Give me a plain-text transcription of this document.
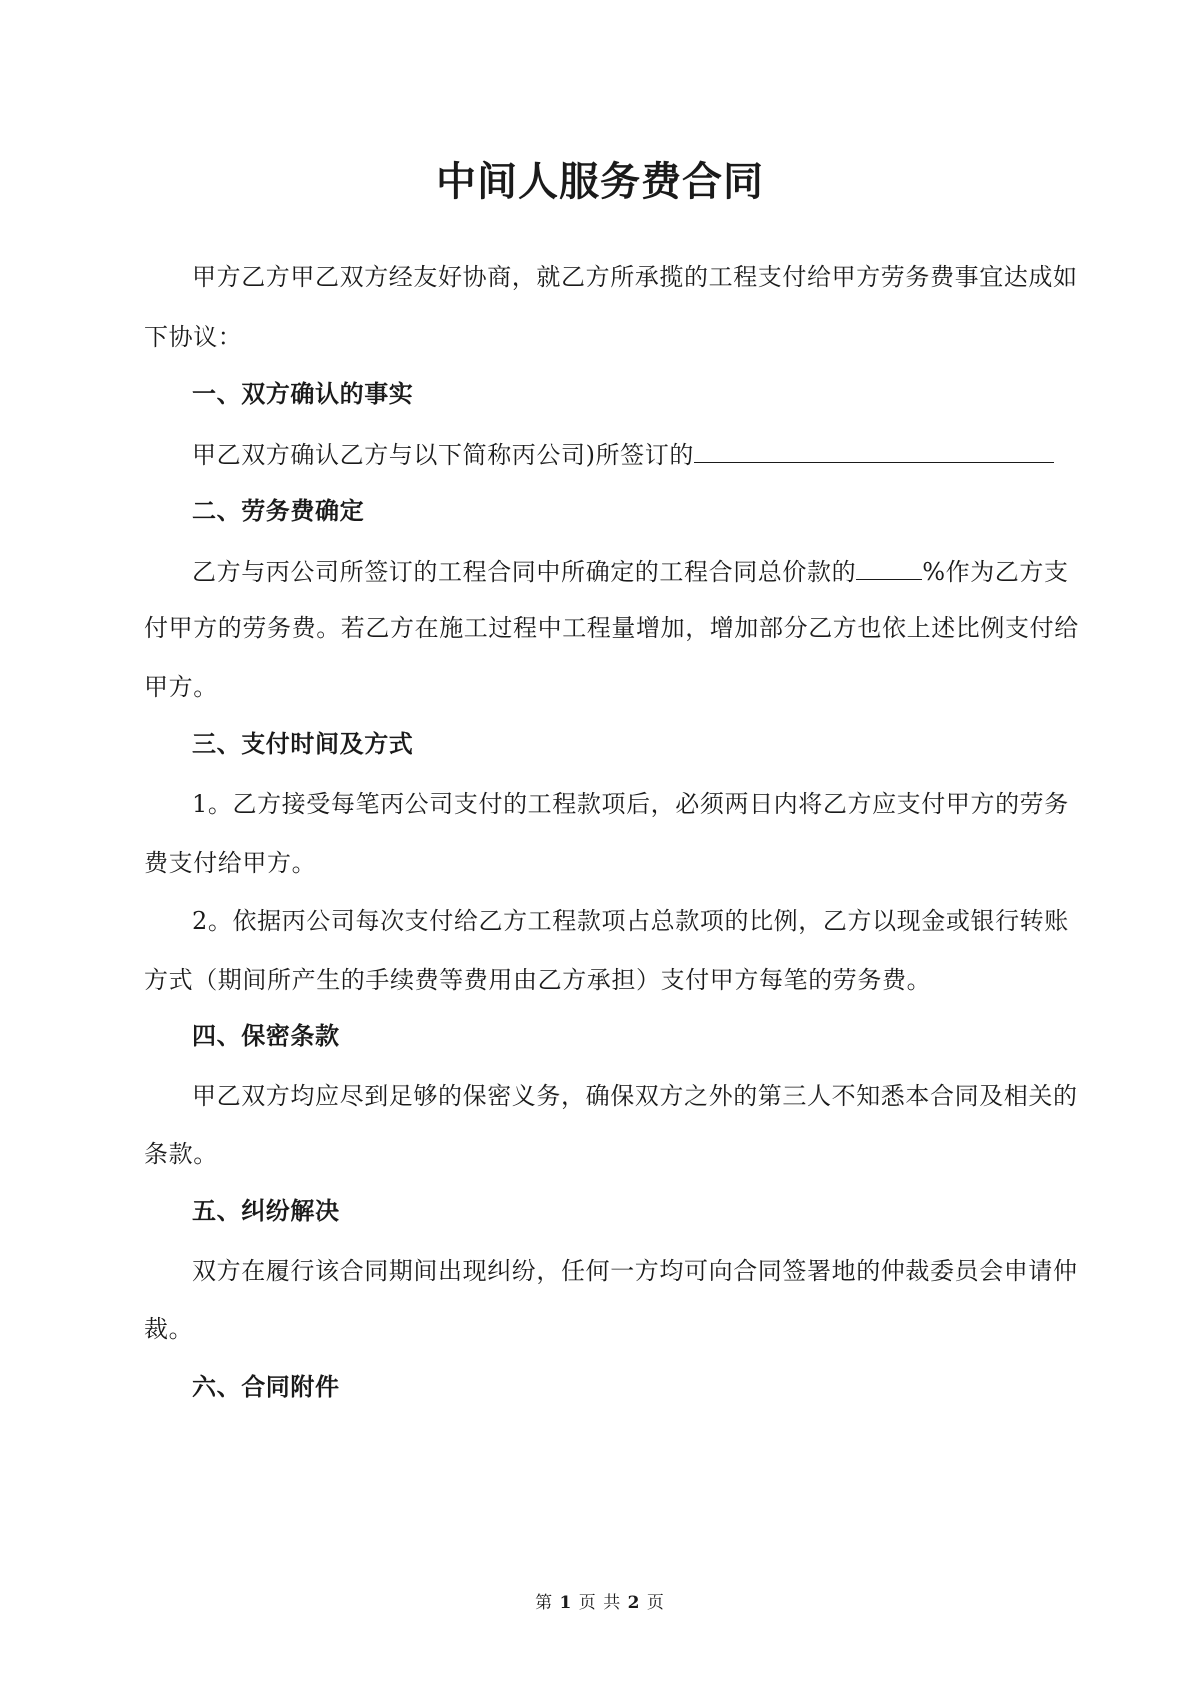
中间人服务费合同

甲方乙方甲乙双方经友好协商，就乙方所承揽的工程支付给甲方劳务费事宜达成如

下协议：

一、双方确认的事实

甲乙双方确认乙方与以下简称丙公司)所签订的

二、劳务费确定

乙方与丙公司所签订的工程合同中所确定的工程合同总价款的	%作为乙方支

付甲方的劳务费。若乙方在施工过程中工程量增加，增加部分乙方也依上述比例支付给

甲方。

三、支付时间及方式

1。乙方接受每笔丙公司支付的工程款项后，必须两日内将乙方应支付甲方的劳务

费支付给甲方。

2。依据丙公司每次支付给乙方工程款项占总款项的比例，乙方以现金或银行转账

方式（期间所产生的手续费等费用由乙方承担）支付甲方每笔的劳务费。

四、保密条款

甲乙双方均应尽到足够的保密义务，确保双方之外的第三人不知悉本合同及相关的

条款。

五、纠纷解决

双方在履行该合同期间出现纠纷，任何一方均可向合同签署地的仲裁委员会申请仲

裁。

六、合同附件
第 1 页 共 2 页
